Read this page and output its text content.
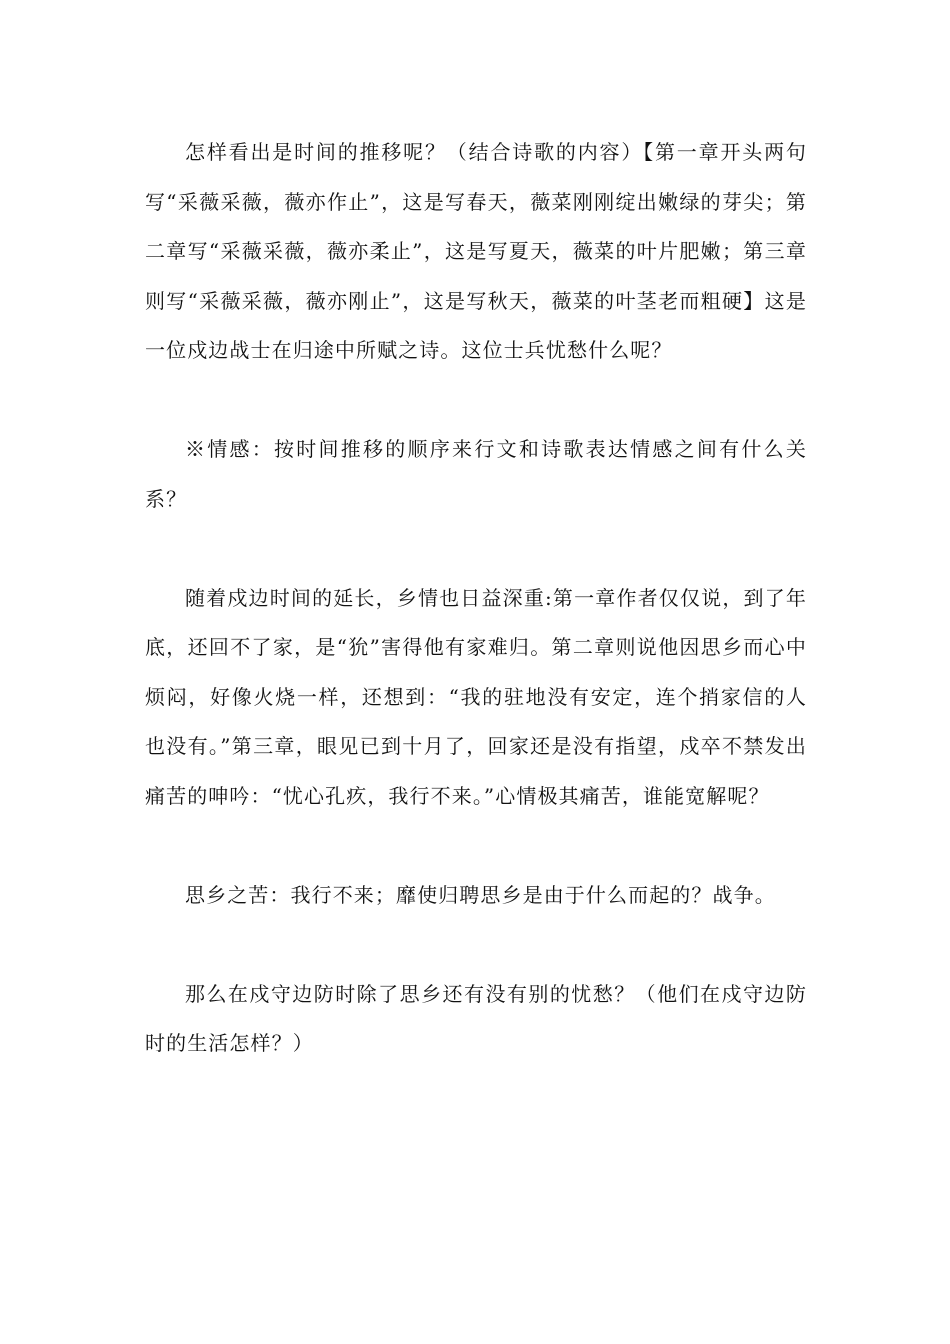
怎样看出是时间的推移呢？（结合诗歌的内容）【第一章开头两句写“采薇采薇，薇亦作止”，这是写春天，薇菜刚刚绽出嫩绿的芽尖；第二章写“采薇采薇，薇亦柔止”，这是写夏天，薇菜的叶片肥嫩；第三章则写“采薇采薇，薇亦刚止”，这是写秋天，薇菜的叶茎老而粗硬】这是一位戍边战士在归途中所赋之诗。这位士兵忧愁什么呢？

※情感：按时间推移的顺序来行文和诗歌表达情感之间有什么关系？

随着戍边时间的延长，乡情也日益深重:第一章作者仅仅说，到了年底，还回不了家，是“狁”害得他有家难归。第二章则说他因思乡而心中烦闷，好像火烧一样，还想到：“我的驻地没有安定，连个捎家信的人也没有。”第三章，眼见已到十月了，回家还是没有指望，戍卒不禁发出痛苦的呻吟：“忧心孔疚，我行不来。”心情极其痛苦，谁能宽解呢？

思乡之苦：我行不来；靡使归聘思乡是由于什么而起的？战争。

那么在戍守边防时除了思乡还有没有别的忧愁？（他们在戍守边防时的生活怎样？）
